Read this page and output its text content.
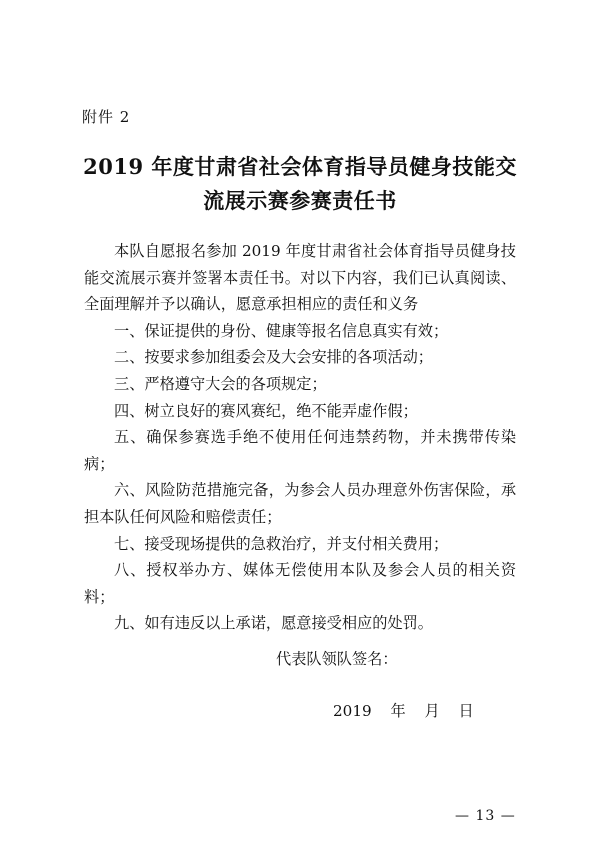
附件 2
2019 年度甘肃省社会体育指导员健身技能交
流展示赛参赛责任书

本队自愿报名参加 2019 年度甘肃省社会体育指导员健身技能交流展示赛并签署本责任书。对以下内容，我们已认真阅读、全面理解并予以确认，愿意承担相应的责任和义务

一、保证提供的身份、健康等报名信息真实有效；

二、按要求参加组委会及大会安排的各项活动；

三、严格遵守大会的各项规定；

四、树立良好的赛风赛纪，绝不能弄虚作假；

五、确保参赛选手绝不使用任何违禁药物，并未携带传染病；

六、风险防范措施完备，为参会人员办理意外伤害保险，承担本队任何风险和赔偿责任；

七、接受现场提供的急救治疗，并支付相关费用；

八、授权举办方、媒体无偿使用本队及参会人员的相关资料；

九、如有违反以上承诺，愿意接受相应的处罚。

代表队领队签名：
2019 年 月 日
— 13 —
